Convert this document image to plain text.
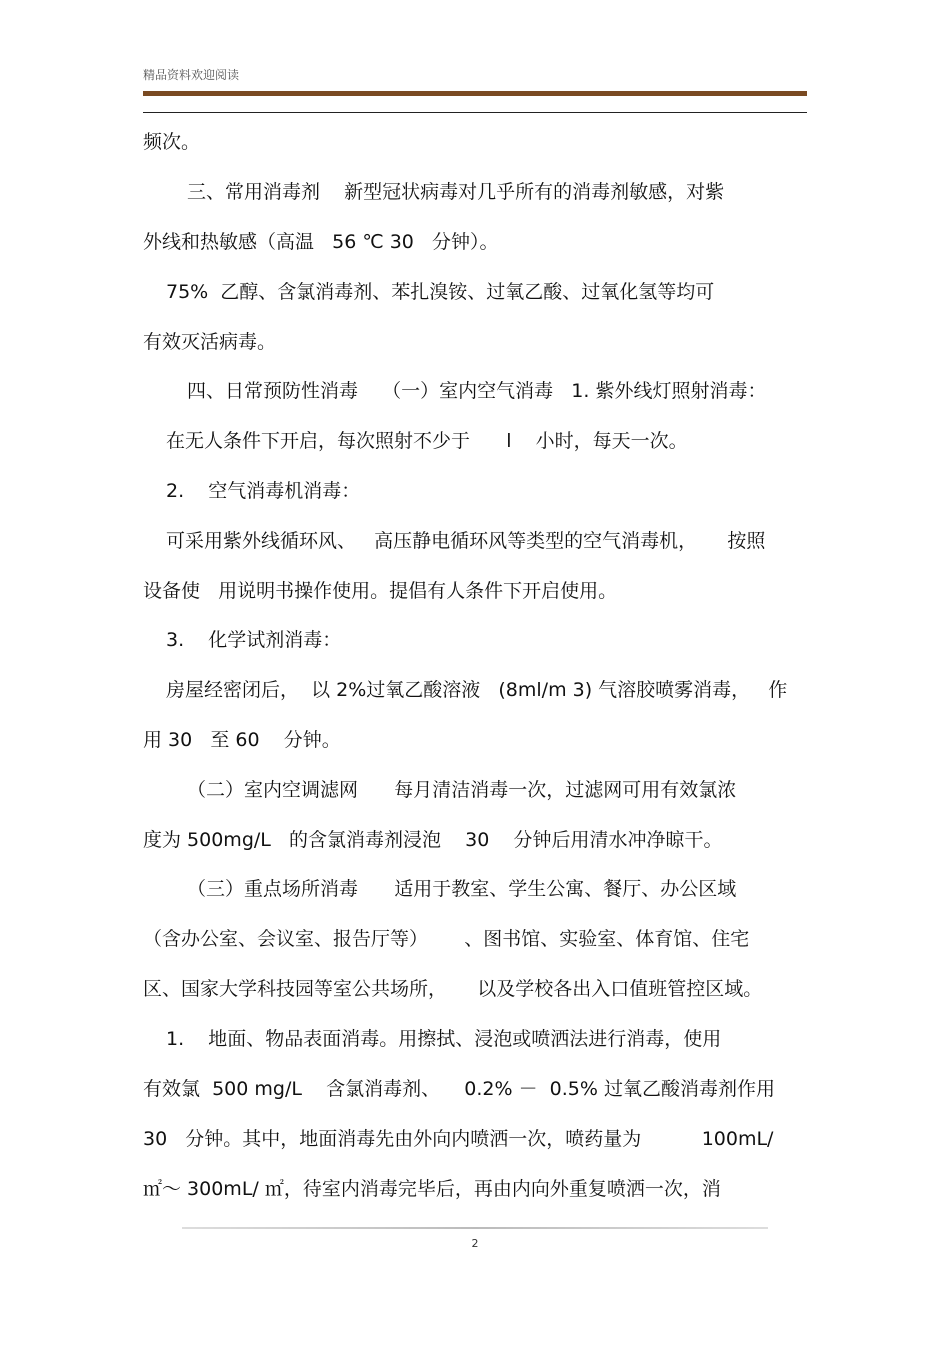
精品资料欢迎阅读
频次。
三、常用消毒剂    新型冠状病毒对几乎所有的消毒剂敏感，对紫
外线和热敏感（高温   56 ℃ 30   分钟）。
75%  乙醇、含氯消毒剂、苯扎溴铵、过氧乙酸、过氧化氢等均可
有效灭活病毒。
四、日常预防性消毒    （一）室内空气消毒   1. 紫外线灯照射消毒：
在无人条件下开启，每次照射不少于      l    小时，每天一次。
2.    空气消毒机消毒：
可采用紫外线循环风、   高压静电循环风等类型的空气消毒机，     按照
设备使   用说明书操作使用。提倡有人条件下开启使用。
3.    化学试剂消毒：
房屋经密闭后，  以 2%过氧乙酸溶液   (8ml/m 3) 气溶胶喷雾消毒，   作
用 30   至 60    分钟。
（二）室内空调滤网      每月清洁消毒一次，过滤网可用有效氯浓
度为 500mg/L   的含氯消毒剂浸泡    30    分钟后用清水冲净晾干。
（三）重点场所消毒      适用于教室、学生公寓、餐厅、办公区域
（含办公室、会议室、报告厅等）      、图书馆、实验室、体育馆、住宅
区、国家大学科技园等室公共场所，     以及学校各出入口值班管控区域。
1.    地面、物品表面消毒。用擦拭、浸泡或喷洒法进行消毒，使用
有效氯  500 mg/L    含氯消毒剂、    0.2% －  0.5% 过氧乙酸消毒剂作用
30   分钟。其中，地面消毒先由外向内喷洒一次，喷药量为          100mL/
㎡～ 300mL/ ㎡，待室内消毒完毕后，再由内向外重复喷洒一次，消
2
